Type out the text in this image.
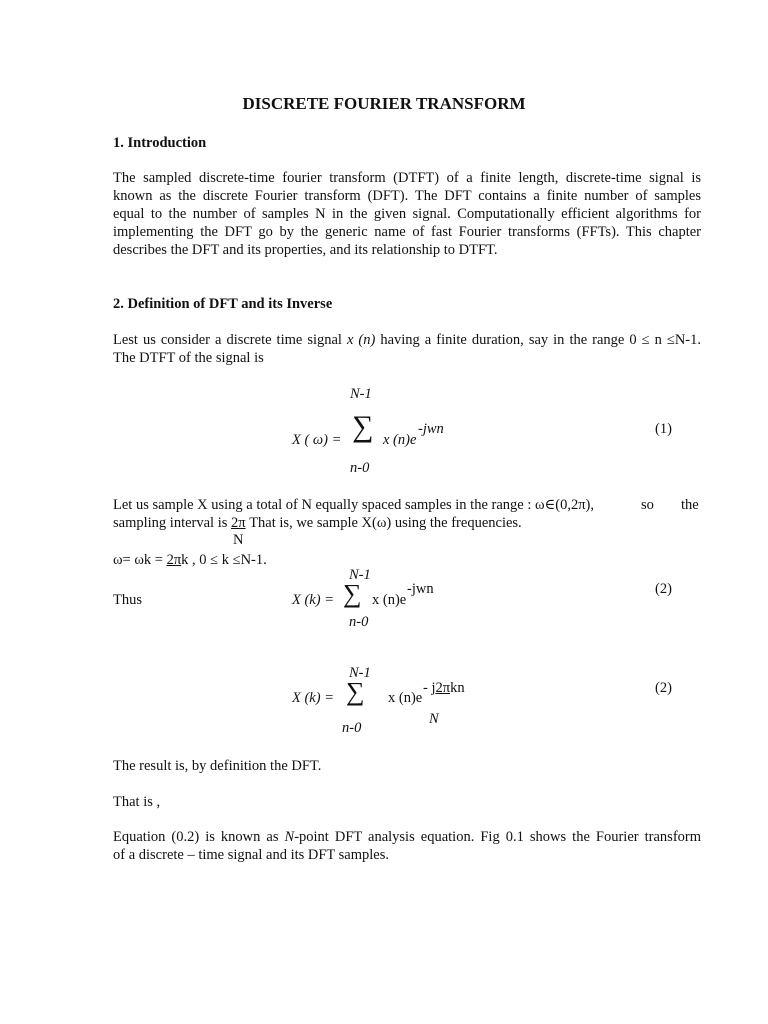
DISCRETE FOURIER TRANSFORM
1. Introduction
The sampled discrete-time fourier transform (DTFT) of a finite length, discrete-time signal is
known as the discrete Fourier transform (DFT). The DFT contains a finite number of samples
equal to the number of samples N in the given signal. Computationally efficient algorithms for
implementing the DFT go by the generic name of fast Fourier transforms (FFTs). This chapter
describes the DFT and its properties, and its relationship to DTFT.
2. Definition of DFT and its Inverse
Lest us consider a discrete time signal x (n) having a finite duration, say in the range 0 ≤ n ≤N-1.
The DTFT of the signal is
N-1
X ( ω) = ∑ x (n)e
-jwn
n-0
(1)
Let us sample X using a total of N equally spaced samples in the range : ω∈(0,2π),	so the
sampling interval is 2π That is, we sample X(ω) using the frequencies.
N
ω= ωk = 2πk , 0 ≤ k ≤N-1.
N-1
Thus	X (k) = ∑ x (n)e
-jwn
n-0
(2)
N-1
X (k) = ∑ x (n)e
- j2πkn
N
n-0
(2)
The result is, by definition the DFT.
That is ,
Equation (0.2) is known as N-point DFT analysis equation. Fig 0.1 shows the Fourier transform
of a discrete – time signal and its DFT samples.
